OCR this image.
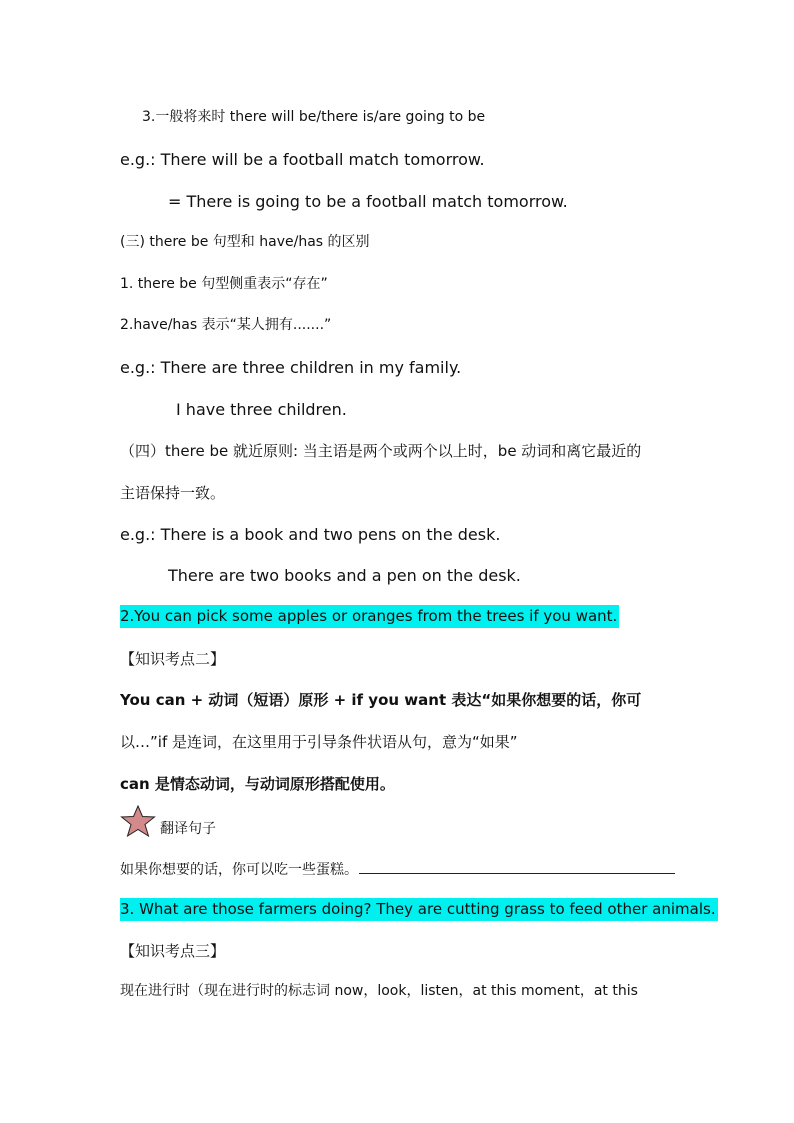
3.一般将来时 there will be/there is/are going to be
e.g.: There will be a football match tomorrow.
= There is going to be a football match tomorrow.
(三) there be 句型和 have/has 的区别
1. there be 句型侧重表示“存在”
2.have/has 表示“某人拥有.......”
e.g.: There are three children in my family.
I have three children.
（四）there be 就近原则: 当主语是两个或两个以上时，be 动词和离它最近的
主语保持一致。
e.g.: There is a book and two pens on the desk.
There are two books and a pen on the desk.
2.You can pick some apples or oranges from the trees if you want.
【知识考点二】
You can + 动词（短语）原形 + if you want 表达“如果你想要的话，你可
以…”if 是连词，在这里用于引导条件状语从句，意为“如果”
can 是情态动词，与动词原形搭配使用。
翻译句子
如果你想要的话，你可以吃一些蛋糕。
3. What are those farmers doing? They are cutting grass to feed other animals.
【知识考点三】
现在进行时（现在进行时的标志词 now，look，listen，at this moment，at this
